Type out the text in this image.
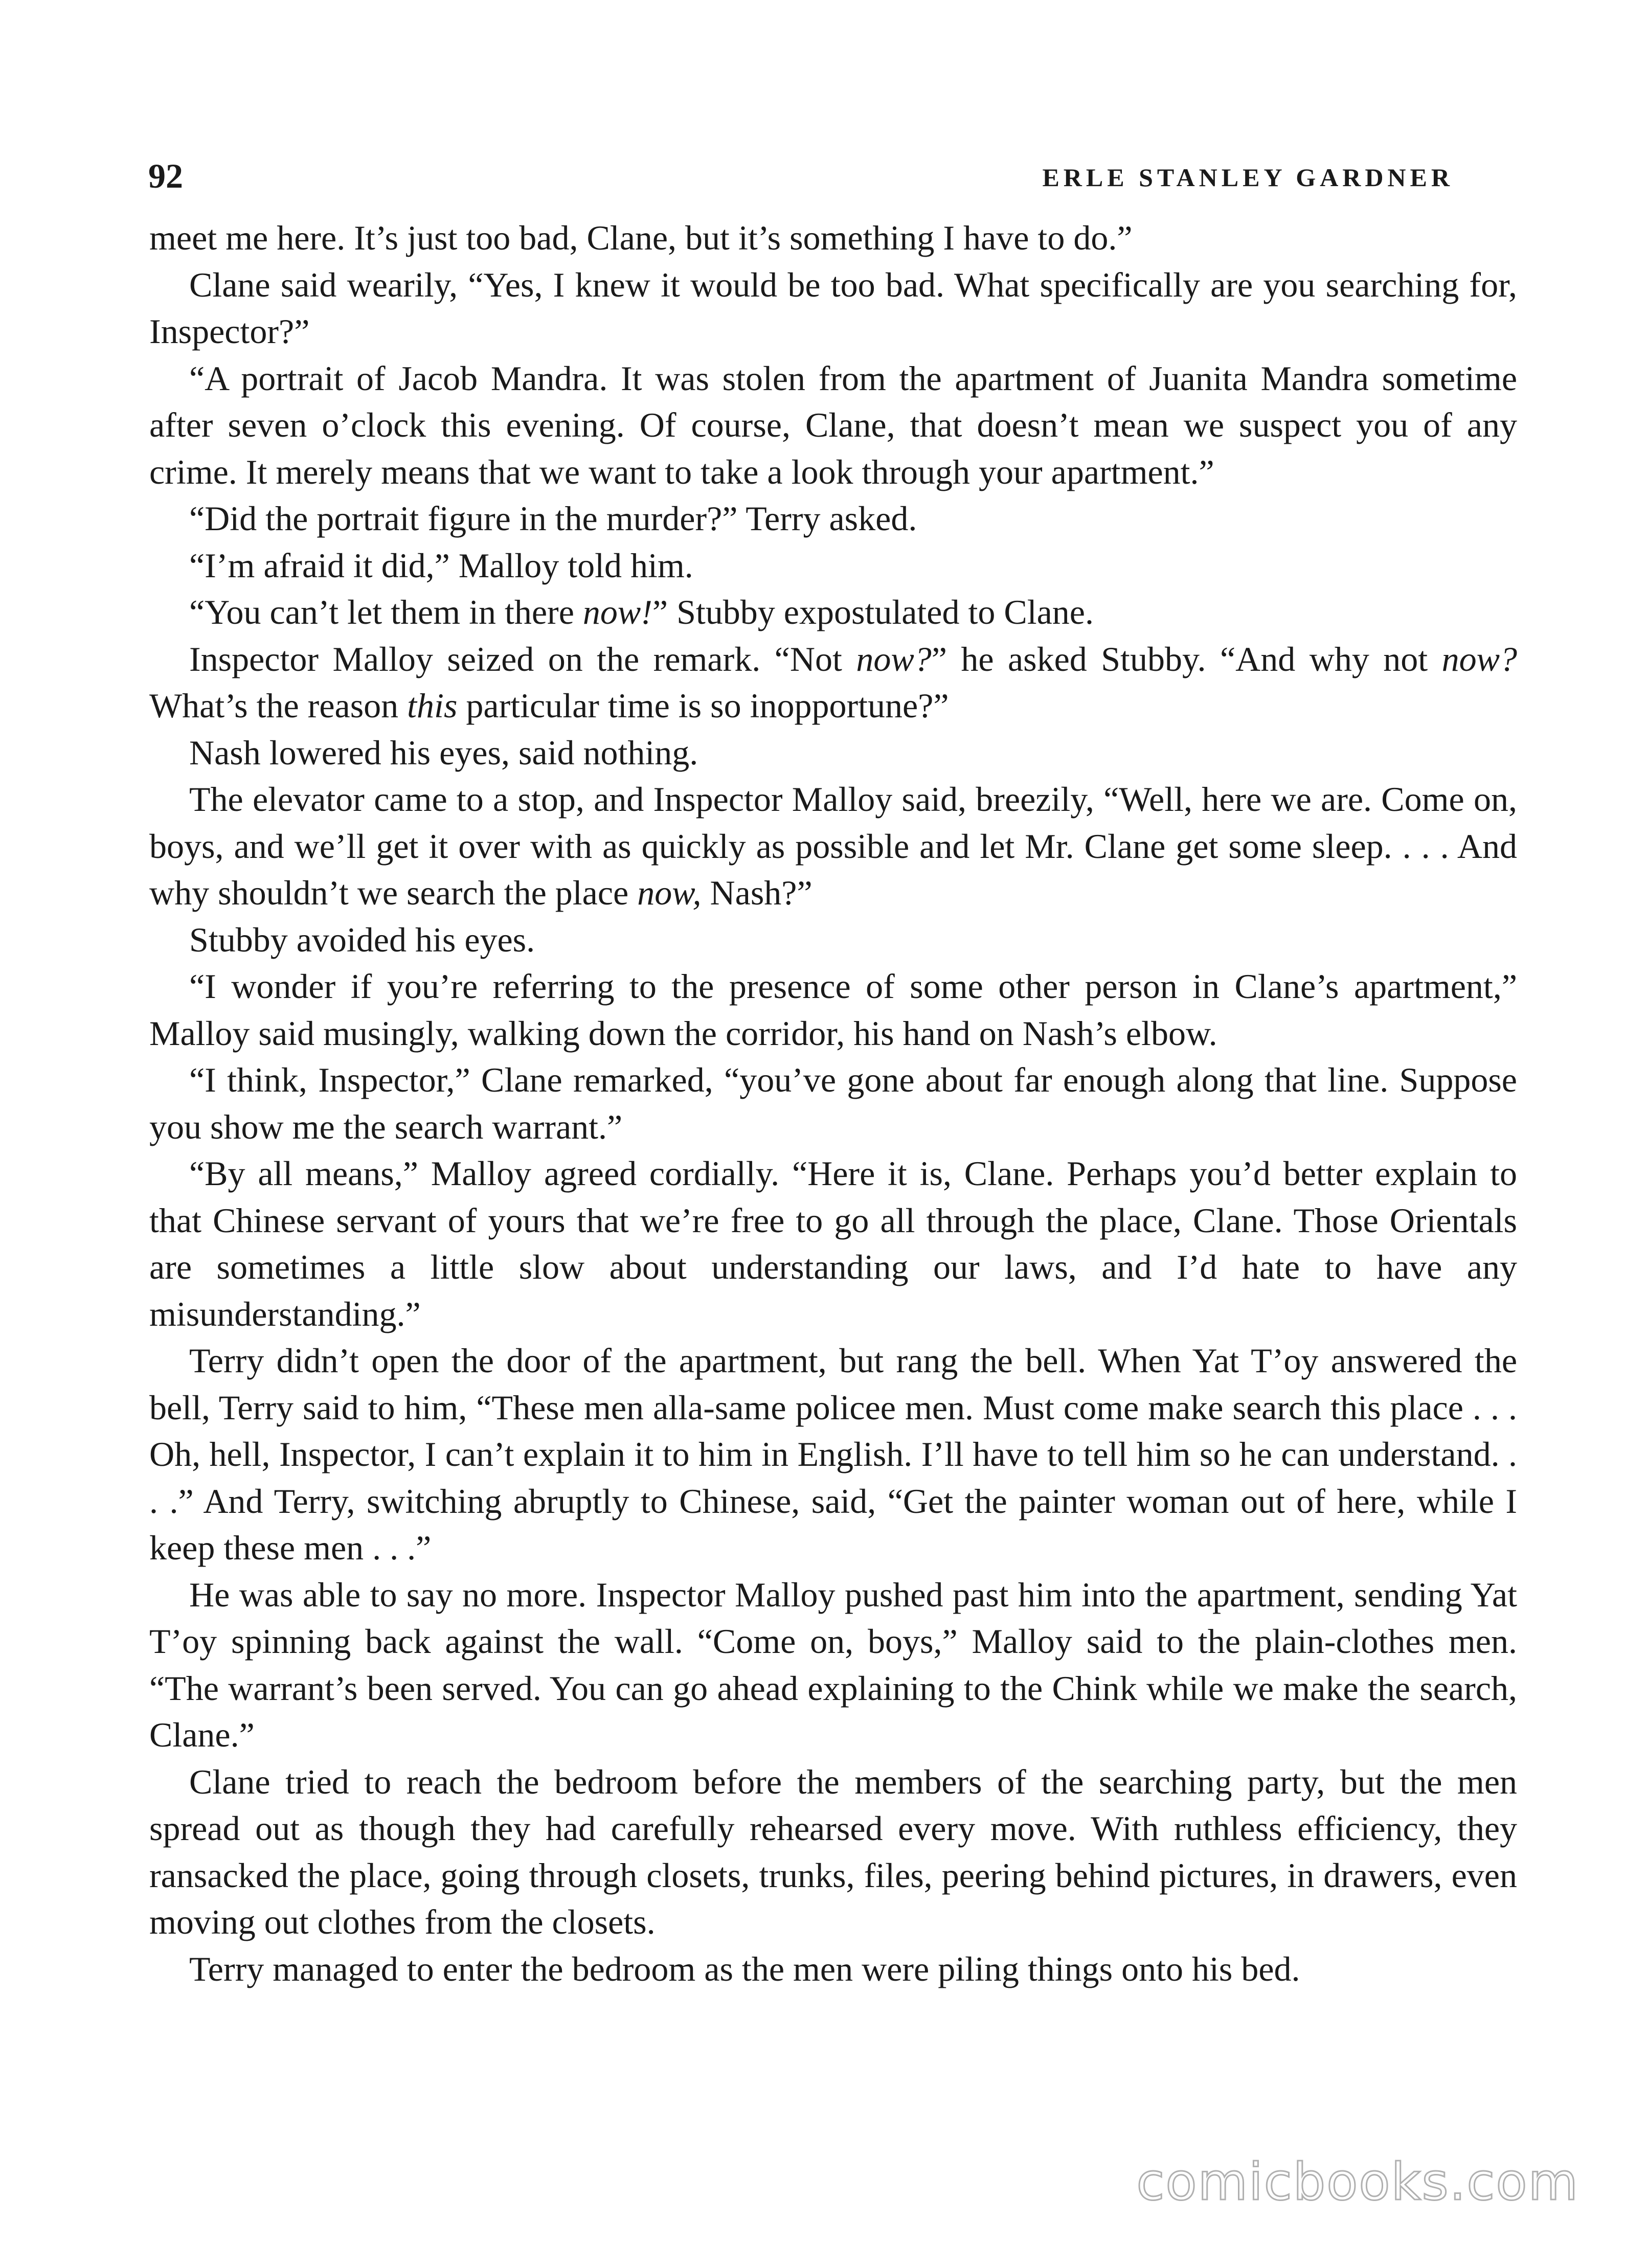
92	ERLE STANLEY GARDNER

meet me here. It’s just too bad, Clane, but it’s something I have to do.”

Clane said wearily, “Yes, I knew it would be too bad. What specifically are you searching for, Inspector?”

“A portrait of Jacob Mandra. It was stolen from the apartment of Juanita Mandra sometime after seven o’clock this evening. Of course, Clane, that doesn’t mean we suspect you of any crime. It merely means that we want to take a look through your apartment.”

“Did the portrait figure in the murder?” Terry asked.

“I’m afraid it did,” Malloy told him.

“You can’t let them in there now!” Stubby expostulated to Clane.

Inspector Malloy seized on the remark. “Not now?” he asked Stubby. “And why not now? What’s the reason this particular time is so inopportune?”

Nash lowered his eyes, said nothing.

The elevator came to a stop, and Inspector Malloy said, breezily, “Well, here we are. Come on, boys, and we’ll get it over with as quickly as possible and let Mr. Clane get some sleep. . . . And why shouldn’t we search the place now, Nash?”

Stubby avoided his eyes.

“I wonder if you’re referring to the presence of some other person in Clane’s apartment,” Malloy said musingly, walking down the corridor, his hand on Nash’s elbow.

“I think, Inspector,” Clane remarked, “you’ve gone about far enough along that line. Suppose you show me the search warrant.”

“By all means,” Malloy agreed cordially. “Here it is, Clane. Perhaps you’d better explain to that Chinese servant of yours that we’re free to go all through the place, Clane. Those Orientals are sometimes a little slow about understanding our laws, and I’d hate to have any misunderstanding.”

Terry didn’t open the door of the apartment, but rang the bell. When Yat T’oy answered the bell, Terry said to him, “These men alla-same policee men. Must come make search this place . . . Oh, hell, Inspector, I can’t explain it to him in English. I’ll have to tell him so he can understand. . . .” And Terry, switching abruptly to Chinese, said, “Get the painter woman out of here, while I keep these men . . .”

He was able to say no more. Inspector Malloy pushed past him into the apartment, sending Yat T’oy spinning back against the wall. “Come on, boys,” Malloy said to the plain-clothes men. “The warrant’s been served. You can go ahead explaining to the Chink while we make the search, Clane.”

Clane tried to reach the bedroom before the members of the searching party, but the men spread out as though they had carefully rehearsed every move. With ruthless efficiency, they ransacked the place, going through closets, trunks, files, peering behind pictures, in drawers, even moving out clothes from the closets.

Terry managed to enter the bedroom as the men were piling things onto his bed.

comicbooks.com
